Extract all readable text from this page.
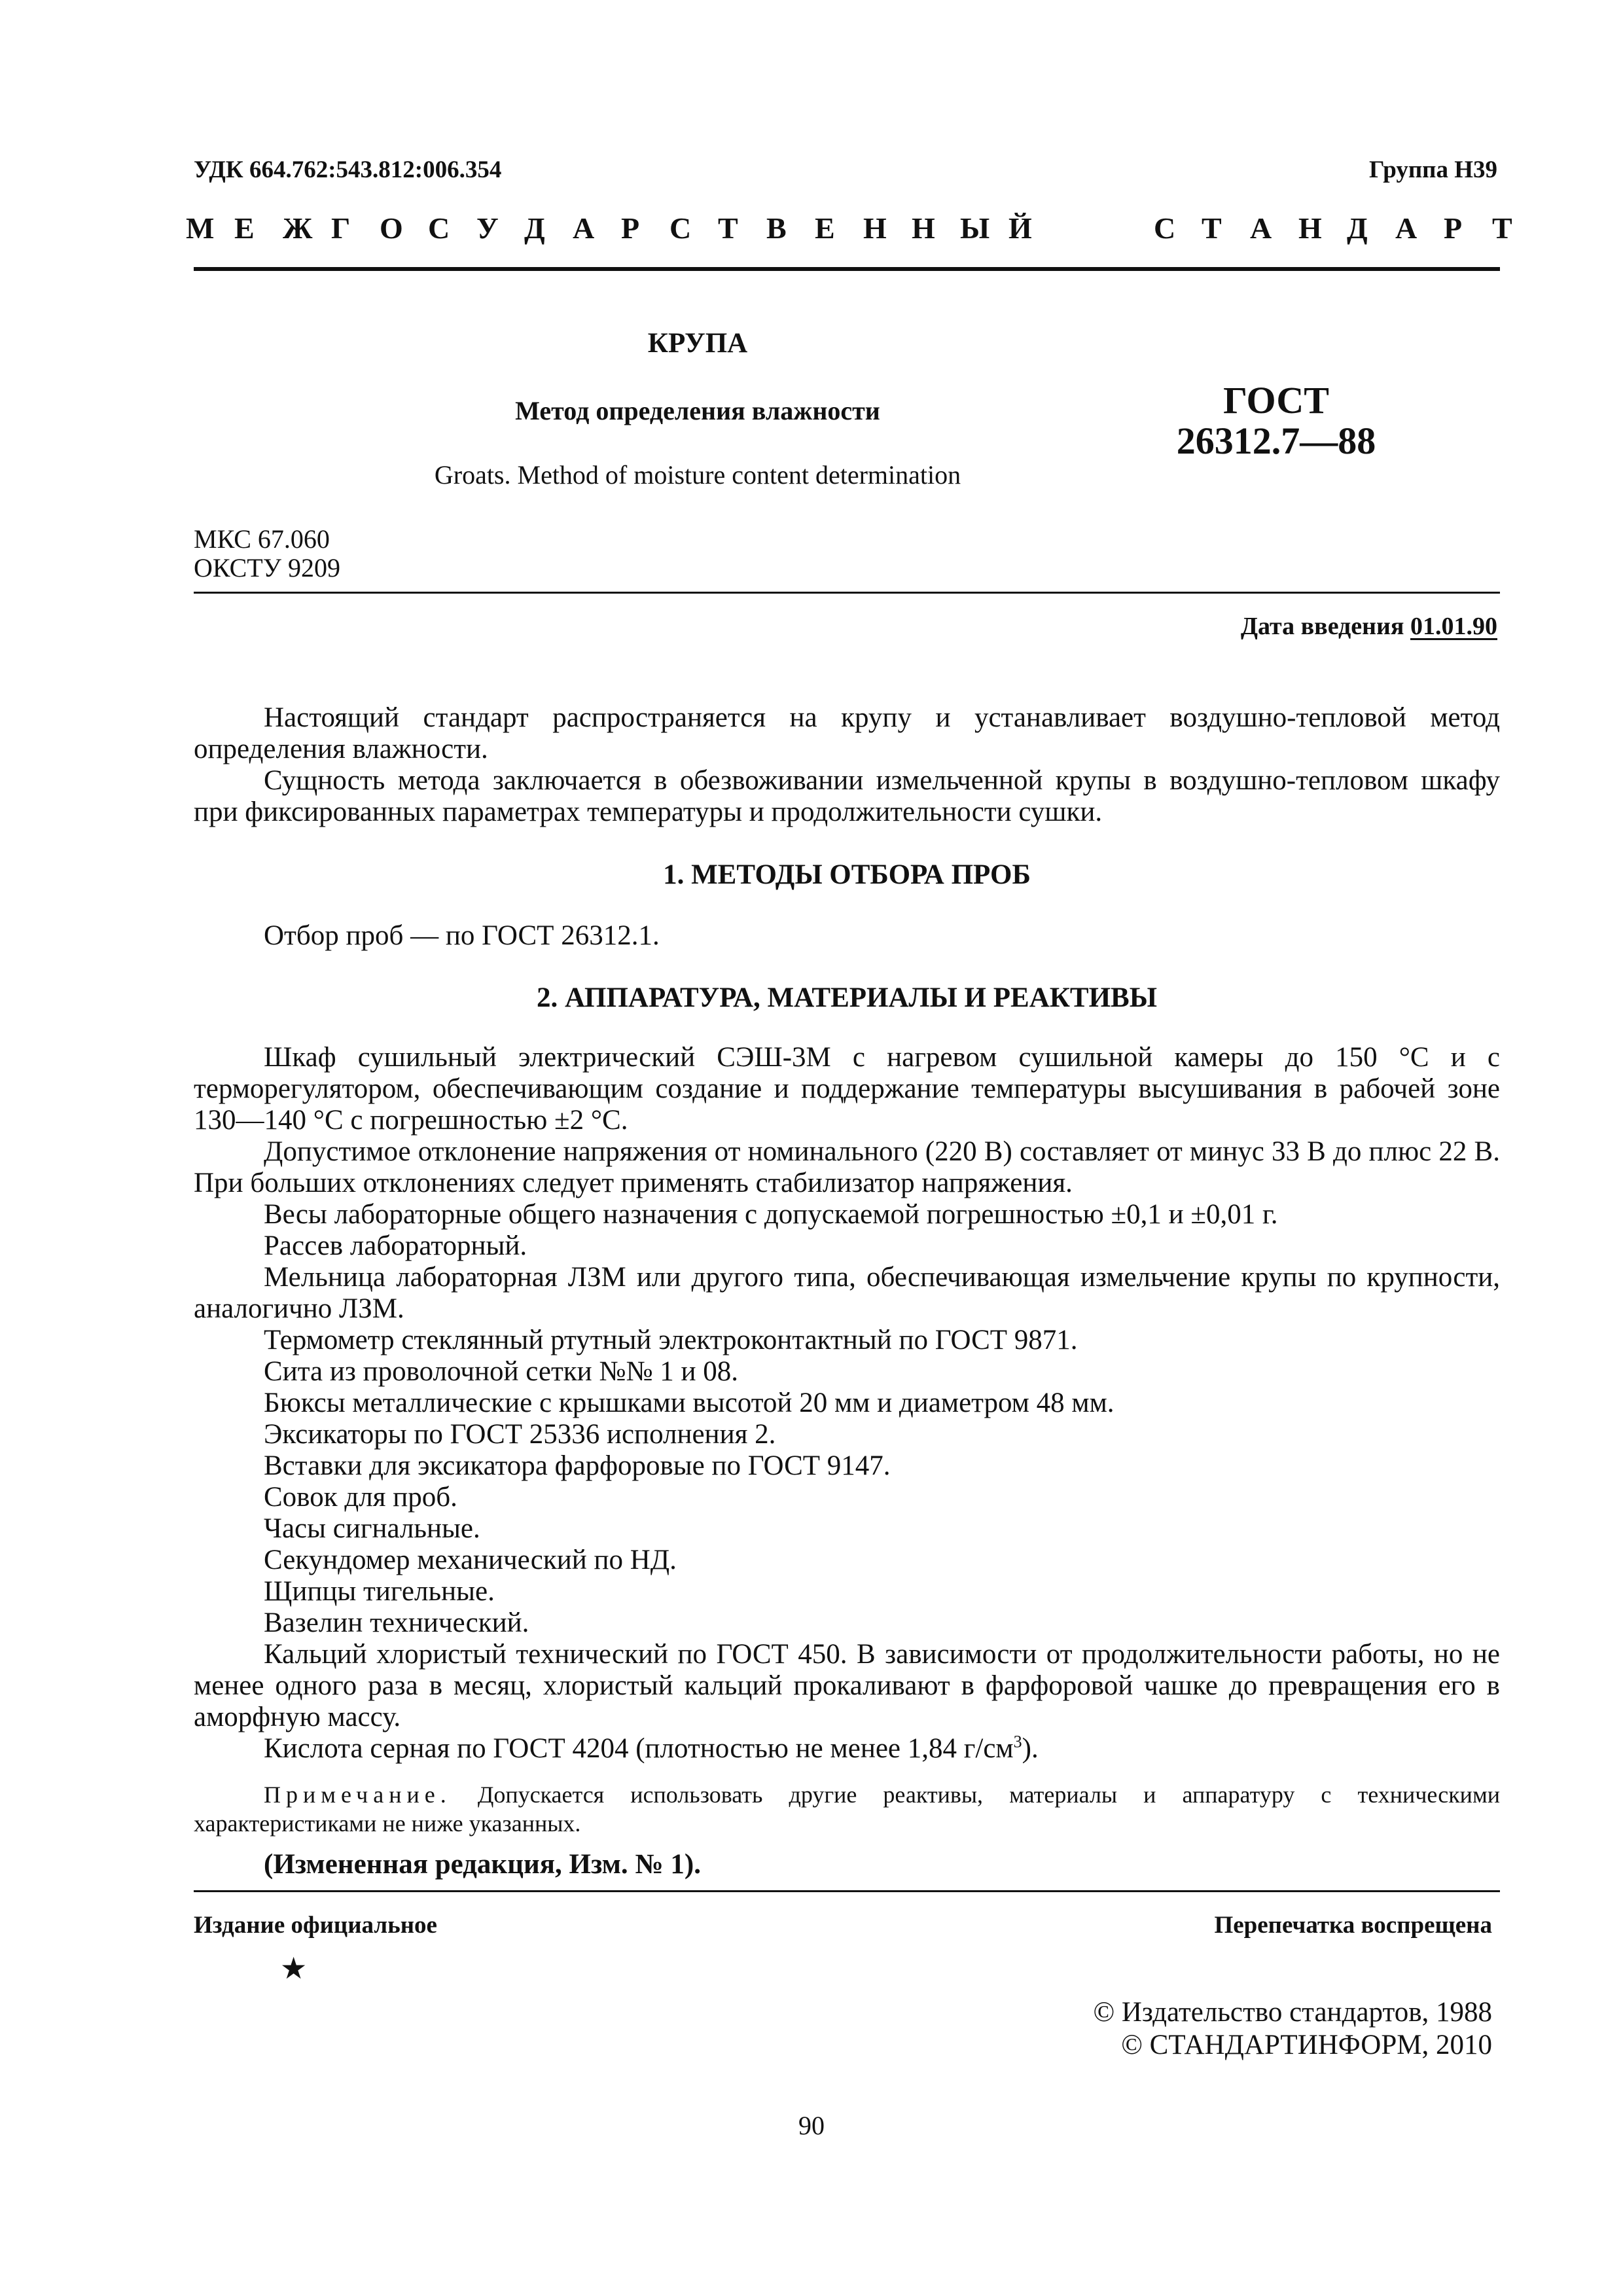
УДК 664.762:543.812:006.354	Группа Н39
М Е Ж Г О С У Д А Р С Т В Е Н Н Ы Й	С Т А Н Д А Р Т
КРУПА
Метод определения влажности
Groats. Method of moisture content determination
ГОСТ
26312.7—88
МКС 67.060
ОКСТУ 9209
Дата введения 01.01.90

Настоящий стандарт распространяется на крупу и устанавливает воздушно-тепловой метод определения влажности.

Сущность метода заключается в обезвоживании измельченной крупы в воздушно-тепловом шкафу при фиксированных параметрах температуры и продолжительности сушки.

1. МЕТОДЫ ОТБОРА ПРОБ
Отбор проб — по ГОСТ 26312.1.
2. АППАРАТУРА, МАТЕРИАЛЫ И РЕАКТИВЫ

Шкаф сушильный электрический СЭШ-3М с нагревом сушильной камеры до 150 °С и с терморегулятором, обеспечивающим создание и поддержание температуры высушивания в рабочей зоне 130—140 °С с погрешностью ±2 °С.

Допустимое отклонение напряжения от номинального (220 В) составляет от минус 33 В до плюс 22 В. При больших отклонениях следует применять стабилизатор напряжения.

Весы лабораторные общего назначения с допускаемой погрешностью ±0,1 и ±0,01 г.
Рассев лабораторный.

Мельница лабораторная ЛЗМ или другого типа, обеспечивающая измельчение крупы по крупности, аналогично ЛЗМ.

Термометр стеклянный ртутный электроконтактный по ГОСТ 9871.
Сита из проволочной сетки №№ 1 и 08.
Бюксы металлические с крышками высотой 20 мм и диаметром 48 мм.
Эксикаторы по ГОСТ 25336 исполнения 2.
Вставки для эксикатора фарфоровые по ГОСТ 9147.
Совок для проб.
Часы сигнальные.
Секундомер механический по НД.
Щипцы тигельные.
Вазелин технический.

Кальций хлористый технический по ГОСТ 450. В зависимости от продолжительности работы, но не менее одного раза в месяц, хлористый кальций прокаливают в фарфоровой чашке до превращения его в аморфную массу.

Кислота серная по ГОСТ 4204 (плотностью не менее 1,84 $г/см^3$).

Примечание. Допускается использовать другие реактивы, материалы и аппаратуру с техническими характеристиками не ниже указанных.

(Измененная редакция, Изм. № 1).
Издание официальное	Перепечатка воспрещена
★
© Издательство стандартов, 1988
© СТАНДАРТИНФОРМ, 2010
90
